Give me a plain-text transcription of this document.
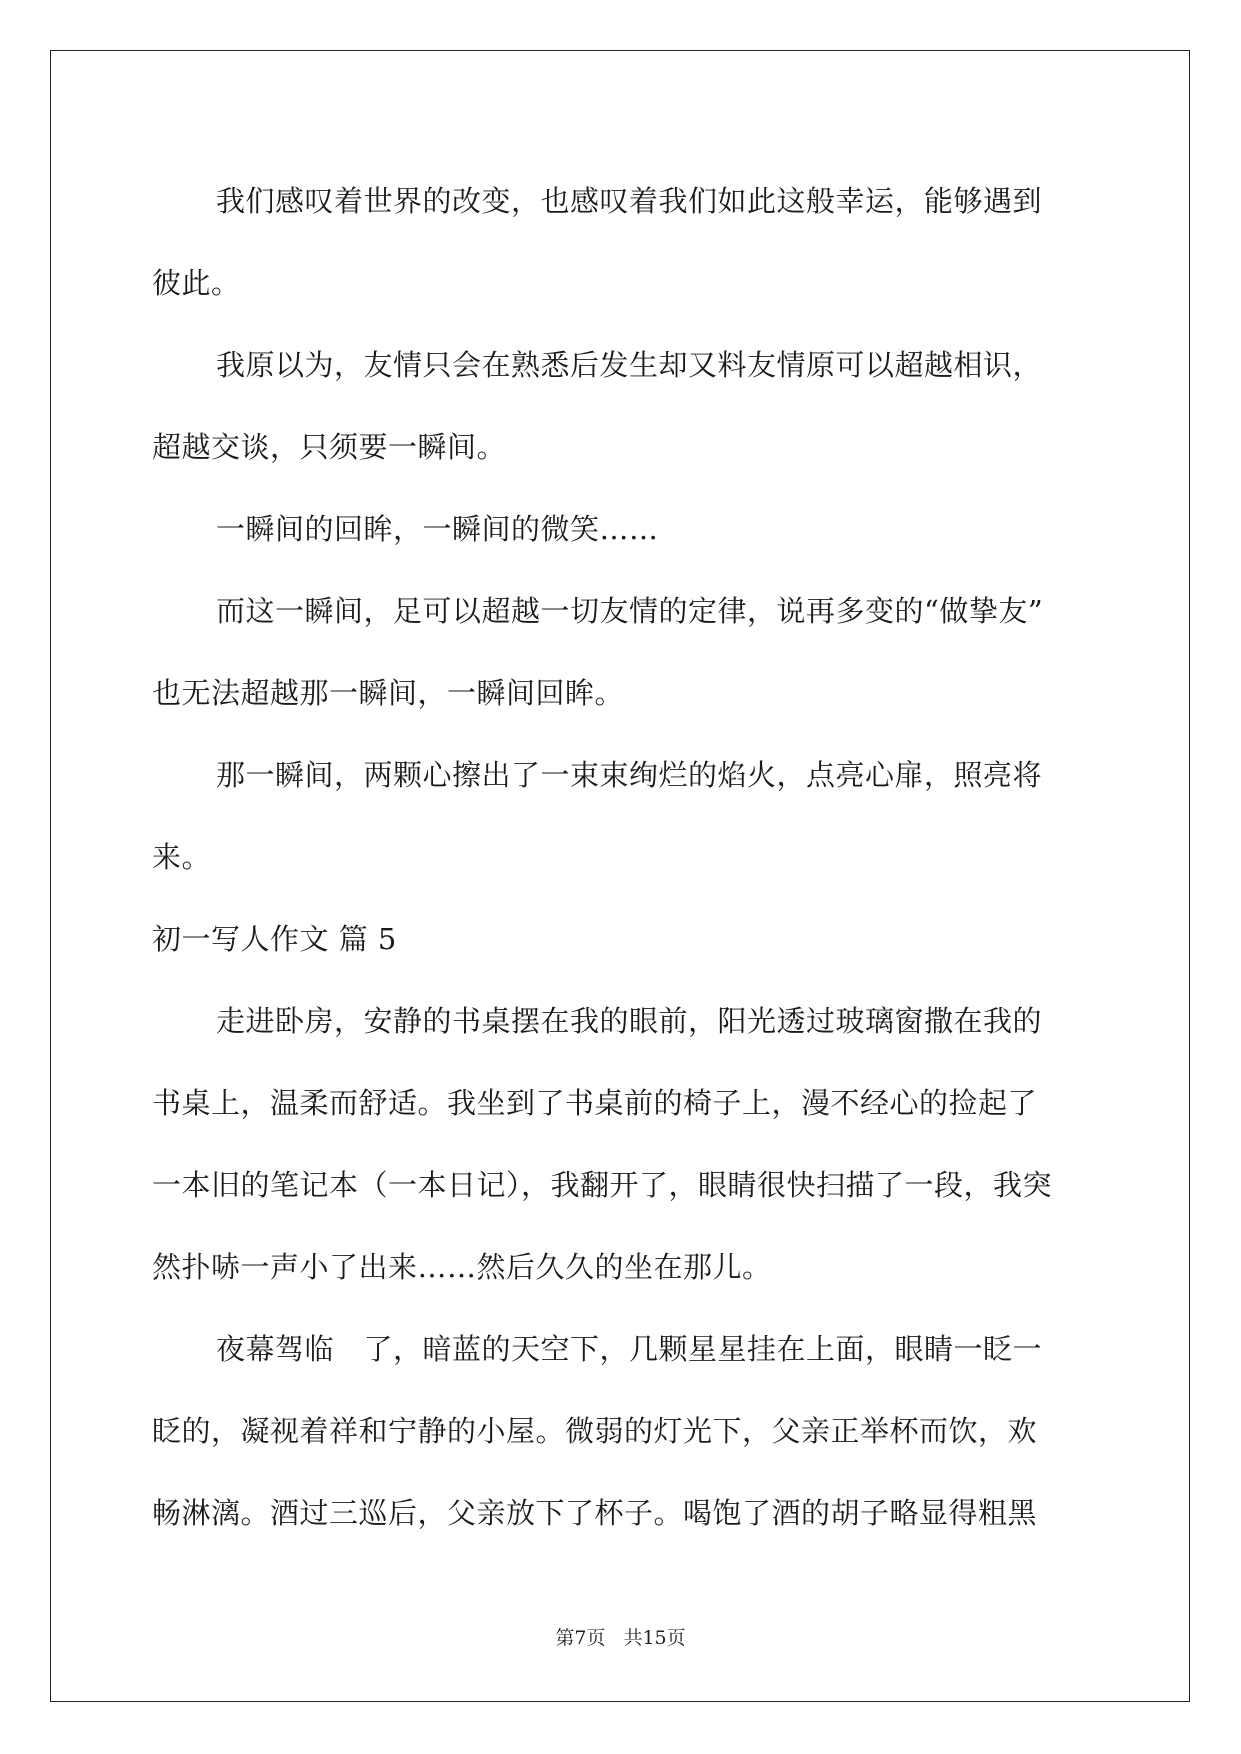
我们感叹着世界的改变，也感叹着我们如此这般幸运，能够遇到
彼此。
我原以为，友情只会在熟悉后发生却又料友情原可以超越相识，
超越交谈，只须要一瞬间。
一瞬间的回眸，一瞬间的微笑……
而这一瞬间，足可以超越一切友情的定律，说再多变的“做挚友”
也无法超越那一瞬间，一瞬间回眸。
那一瞬间，两颗心擦出了一束束绚烂的焰火，点亮心扉，照亮将
来。
初一写人作文 篇 5
走进卧房，安静的书桌摆在我的眼前，阳光透过玻璃窗撒在我的
书桌上，温柔而舒适。我坐到了书桌前的椅子上，漫不经心的捡起了
一本旧的笔记本（一本日记），我翻开了，眼睛很快扫描了一段，我突
然扑哧一声小了出来……然后久久的坐在那儿。
夜幕驾临　了，暗蓝的天空下，几颗星星挂在上面，眼睛一眨一
眨的，凝视着祥和宁静的小屋。微弱的灯光下，父亲正举杯而饮，欢
畅淋漓。酒过三巡后，父亲放下了杯子。喝饱了酒的胡子略显得粗黑
第7页 共15页
